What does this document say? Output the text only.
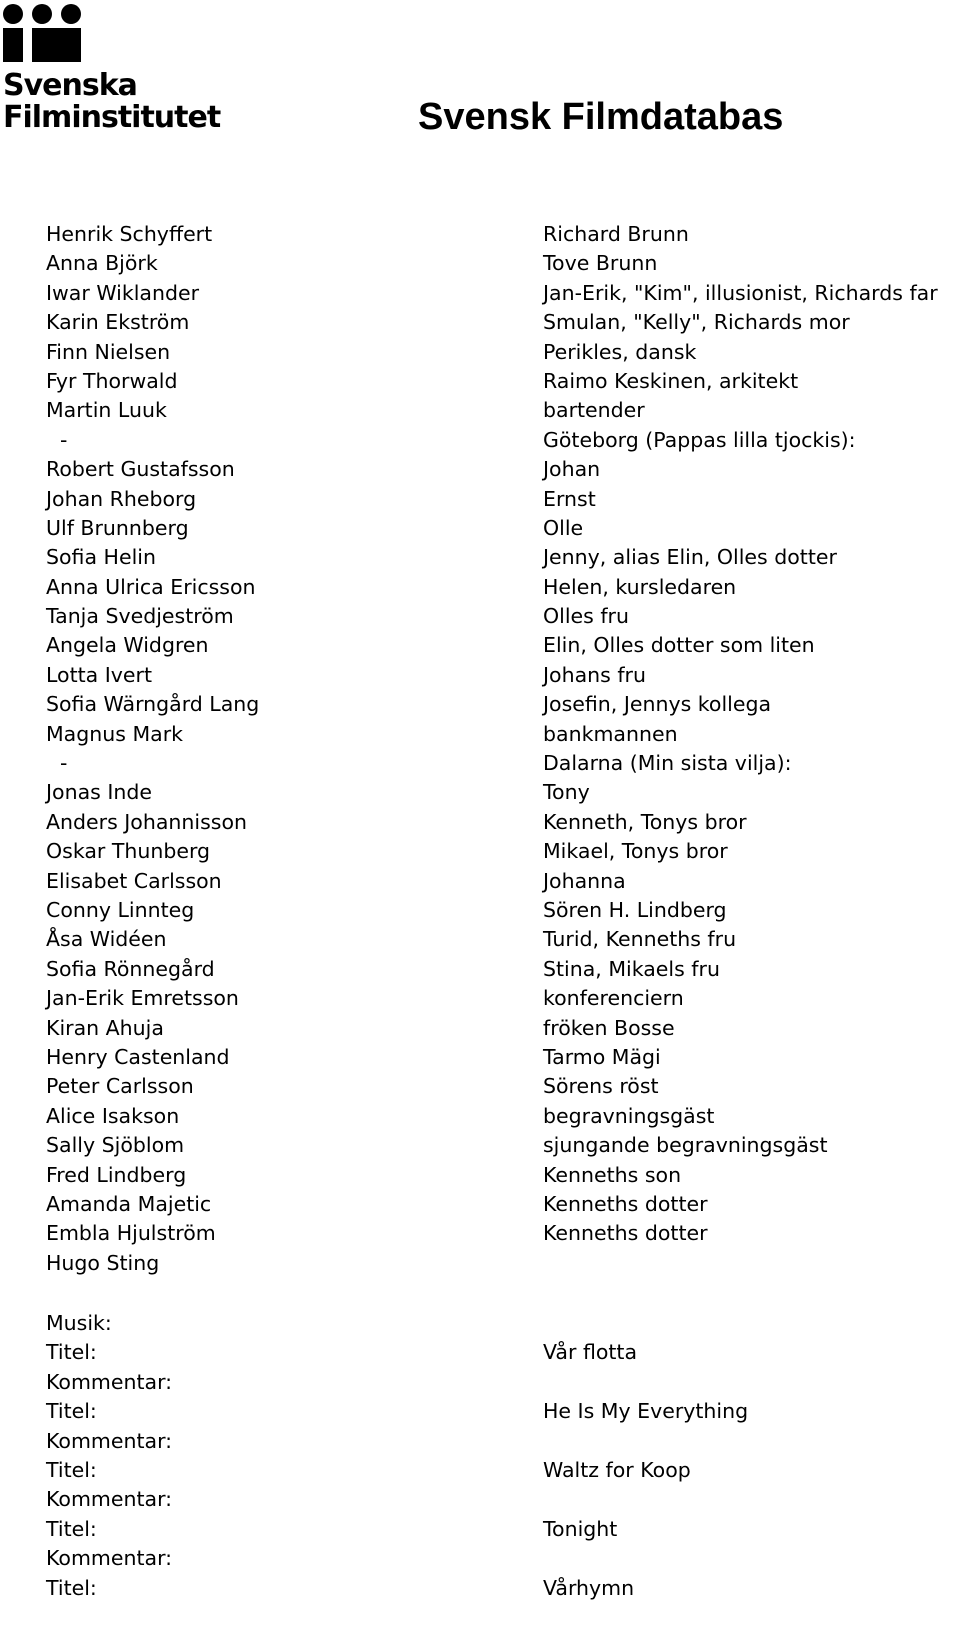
Svenska
Filminstitutet	Svensk Filmdatabas
Henrik Schyffert	Richard Brunn
Anna Björk	Tove Brunn
Iwar Wiklander	Jan-Erik, "Kim", illusionist, Richards far
Karin Ekström	Smulan, "Kelly", Richards mor
Finn Nielsen	Perikles, dansk
Fyr Thorwald	Raimo Keskinen, arkitekt
Martin Luuk	bartender
-	Göteborg (Pappas lilla tjockis):
Robert Gustafsson	Johan
Johan Rheborg	Ernst
Ulf Brunnberg	Olle
Sofia Helin	Jenny, alias Elin, Olles dotter
Anna Ulrica Ericsson	Helen, kursledaren
Tanja Svedjeström	Olles fru
Angela Widgren	Elin, Olles dotter som liten
Lotta Ivert	Johans fru
Sofia Wärngård Lang	Josefin, Jennys kollega
Magnus Mark	bankmannen
-	Dalarna (Min sista vilja):
Jonas Inde	Tony
Anders Johannisson	Kenneth, Tonys bror
Oskar Thunberg	Mikael, Tonys bror
Elisabet Carlsson	Johanna
Conny Linnteg	Sören H. Lindberg
Åsa Widéen	Turid, Kenneths fru
Sofia Rönnegård	Stina, Mikaels fru
Jan-Erik Emretsson	konferenciern
Kiran Ahuja	fröken Bosse
Henry Castenland	Tarmo Mägi
Peter Carlsson	Sörens röst
Alice Isakson	begravningsgäst
Sally Sjöblom	sjungande begravningsgäst
Fred Lindberg	Kenneths son
Amanda Majetic	Kenneths dotter
Embla Hjulström	Kenneths dotter
Hugo Sting
Musik:
Titel:	Vår flotta
Kommentar:
Titel:	He Is My Everything
Kommentar:
Titel:	Waltz for Koop
Kommentar:
Titel:	Tonight
Kommentar:
Titel:	Vårhymn
